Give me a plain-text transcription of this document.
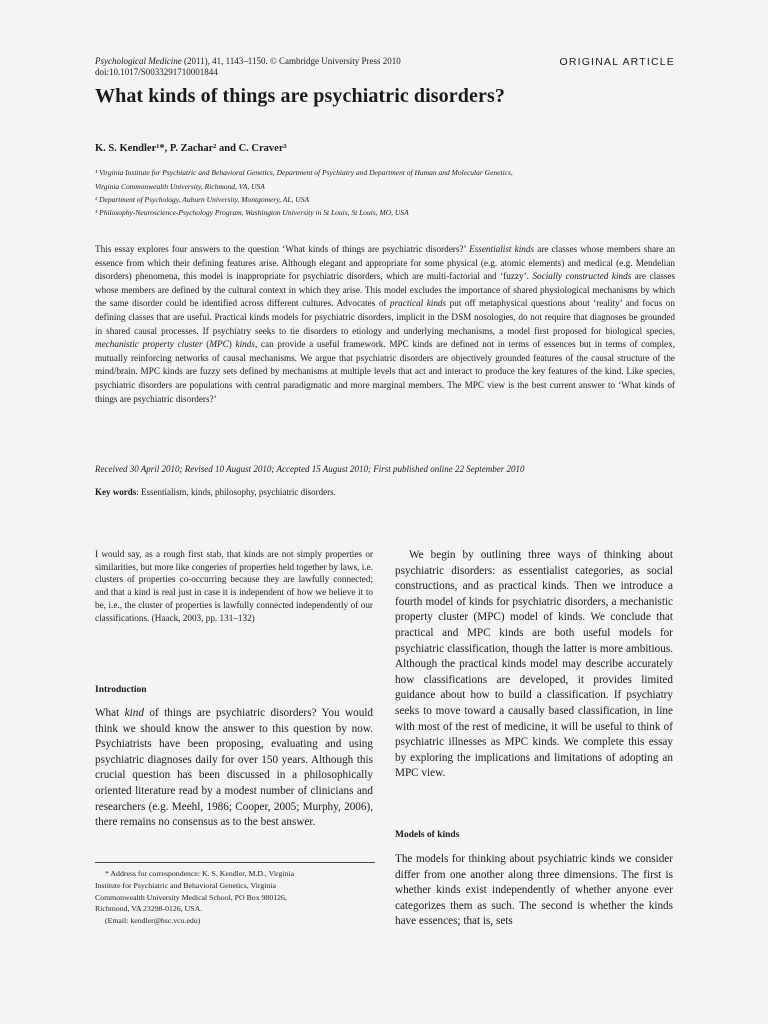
Psychological Medicine (2011), 41, 1143–1150. © Cambridge University Press 2010
doi:10.1017/S0033291710001844
ORIGINAL ARTICLE
What kinds of things are psychiatric disorders?
K. S. Kendler¹*, P. Zachar² and C. Craver³
¹ Virginia Institute for Psychiatric and Behavioral Genetics, Department of Psychiatry and Department of Human and Molecular Genetics,
Virginia Commonwealth University, Richmond, VA, USA
² Department of Psychology, Auburn University, Montgomery, AL, USA
³ Philosophy-Neuroscience-Psychology Program, Washington University in St Louis, St Louis, MO, USA
This essay explores four answers to the question ‘What kinds of things are psychiatric disorders?’ Essentialist kinds are classes whose members share an essence from which their defining features arise. Although elegant and appropriate for some physical (e.g. atomic elements) and medical (e.g. Mendelian disorders) phenomena, this model is inappropriate for psychiatric disorders, which are multi-factorial and ‘fuzzy’. Socially constructed kinds are classes whose members are defined by the cultural context in which they arise. This model excludes the importance of shared physiological mechanisms by which the same disorder could be identified across different cultures. Advocates of practical kinds put off metaphysical questions about ‘reality’ and focus on defining classes that are useful. Practical kinds models for psychiatric disorders, implicit in the DSM nosologies, do not require that diagnoses be grounded in shared causal processes. If psychiatry seeks to tie disorders to etiology and underlying mechanisms, a model first proposed for biological species, mechanistic property cluster (MPC) kinds, can provide a useful framework. MPC kinds are defined not in terms of essences but in terms of complex, mutually reinforcing networks of causal mechanisms. We argue that psychiatric disorders are objectively grounded features of the causal structure of the mind/brain. MPC kinds are fuzzy sets defined by mechanisms at multiple levels that act and interact to produce the key features of the kind. Like species, psychiatric disorders are populations with central paradigmatic and more marginal members. The MPC view is the best current answer to ‘What kinds of things are psychiatric disorders?’
Received 30 April 2010; Revised 10 August 2010; Accepted 15 August 2010; First published online 22 September 2010
Key words: Essentialism, kinds, philosophy, psychiatric disorders.
I would say, as a rough first stab, that kinds are not simply properties or similarities, but more like congeries of properties held together by laws, i.e. clusters of properties co-occurring because they are lawfully connected; and that a kind is real just in case it is independent of how we believe it to be, i.e., the cluster of properties is lawfully connected independently of our classifications. (Haack, 2003, pp. 131–132)
Introduction
What kind of things are psychiatric disorders? You would think we should know the answer to this question by now. Psychiatrists have been proposing, evaluating and using psychiatric diagnoses daily for over 150 years. Although this crucial question has been discussed in a philosophically oriented literature read by a modest number of clinicians and researchers (e.g. Meehl, 1986; Cooper, 2005; Murphy, 2006), there remains no consensus as to the best answer.
* Address for correspondence: K. S. Kendler, M.D., Virginia
Institute for Psychiatric and Behavioral Genetics, Virginia
Commonwealth University Medical School, PO Box 980126,
Richmond, VA 23298-0126, USA.
(Email: kendler@hsc.vcu.edu)
We begin by outlining three ways of thinking about psychiatric disorders: as essentialist categories, as social constructions, and as practical kinds. Then we introduce a fourth model of kinds for psychiatric disorders, a mechanistic property cluster (MPC) model of kinds. We conclude that practical and MPC kinds are both useful models for psychiatric classification, though the latter is more ambitious. Although the practical kinds model may describe accurately how classifications are developed, it provides limited guidance about how to build a classification. If psychiatry seeks to move toward a causally based classification, in line with most of the rest of medicine, it will be useful to think of psychiatric illnesses as MPC kinds. We complete this essay by exploring the implications and limitations of adopting an MPC view.
Models of kinds
The models for thinking about psychiatric kinds we consider differ from one another along three dimensions. The first is whether kinds exist independently of whether anyone ever categorizes them as such. The second is whether the kinds have essences; that is, sets
